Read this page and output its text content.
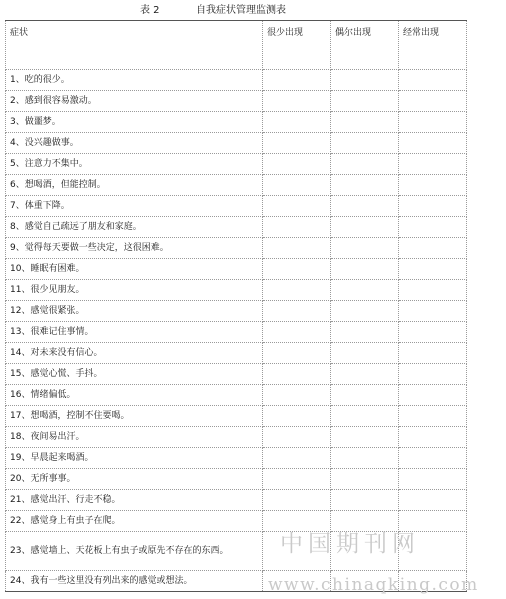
表 2	自我症状管理监测表
症状	很少出现	偶尔出现	经常出现
1、吃的很少。			
2、感到很容易激动。			
3、做噩梦。			
4、没兴趣做事。			
5、注意力不集中。			
6、想喝酒，但能控制。			
7、体重下降。			
8、感觉自己疏远了朋友和家庭。			
9、觉得每天要做一些决定，这很困难。			
10、睡眠有困难。			
11、很少见朋友。			
12、感觉很紧张。			
13、很难记住事情。			
14、对未来没有信心。			
15、感觉心慌、手抖。			
16、情绪偏低。			
17、想喝酒，控制不住要喝。			
18、夜间易出汗。			
19、早晨起来喝酒。			
20、无所事事。			
21、感觉出汗、行走不稳。			
22、感觉身上有虫子在爬。			
23、感觉墙上、天花板上有虫子或原先不存在的东西。			
24、我有一些这里没有列出来的感觉或想法。			
中国期刊网
www.chinaqking.com
